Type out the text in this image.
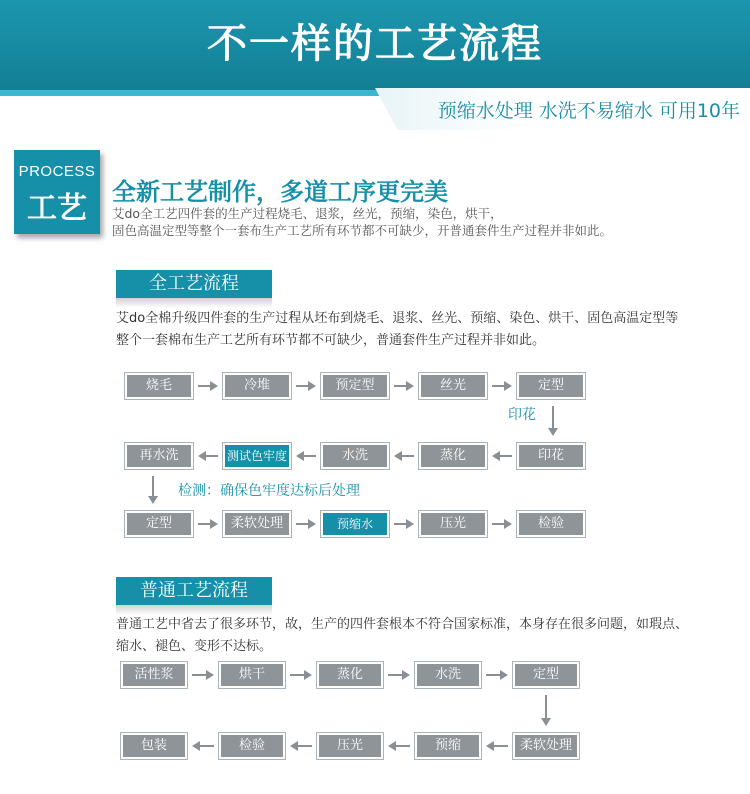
不一样的工艺流程
预缩水处理 水洗不易缩水 可用10年
PROCESS
工艺	全新工艺制作，多道工序更完美
艾do全工艺四件套的生产过程烧毛、退浆，丝光，预缩，染色，烘干，
固色高温定型等整个一套布生产工艺所有环节都不可缺少，开普通套件生产过程并非如此。
全工艺流程
艾do全棉升级四件套的生产过程从坯布到烧毛、退浆、丝光、预缩、染色、烘干、固色高温定型等
整个一套棉布生产工艺所有环节都不可缺少，普通套件生产过程并非如此。
烧毛	冷堆	预定型	丝光	定型
再水洗	测试色牢度	水洗	蒸化	印花
定型	柔软处理	预缩水	压光	检验
印花
检测：确保色牢度达标后处理
普通工艺流程
普通工艺中省去了很多环节，故，生产的四件套根本不符合国家标准，本身存在很多问题，如瑕点、
缩水、褪色、变形不达标。
活性浆	烘干	蒸化	水洗	定型
包装	检验	压光	预缩	柔软处理
